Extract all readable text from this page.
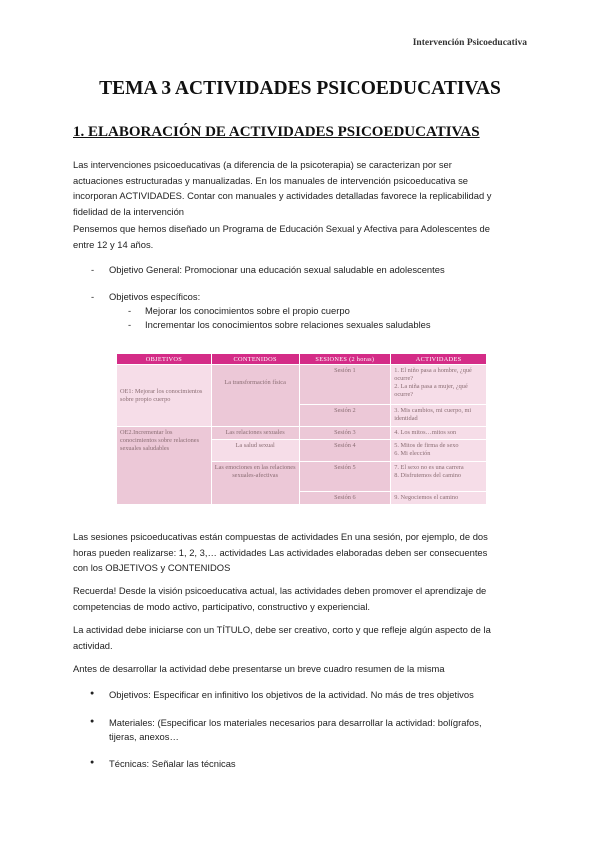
Intervención Psicoeducativa
TEMA 3 ACTIVIDADES PSICOEDUCATIVAS
1. ELABORACIÓN DE ACTIVIDADES PSICOEDUCATIVAS
Las intervenciones psicoeducativas (a diferencia de la psicoterapia) se caracterizan por ser
actuaciones estructuradas y manualizadas. En los manuales de intervención psicoeducativa se
incorporan ACTIVIDADES. Contar con manuales y actividades detalladas favorece la replicabilidad y
fidelidad de la intervención
Pensemos que hemos diseñado un Programa de Educación Sexual y Afectiva para Adolescentes de
entre 12 y 14 años.
- Objetivo General: Promocionar una educación sexual saludable en adolescentes
- Objetivos específicos:
- Mejorar los conocimientos sobre el propio cuerpo
- Incrementar los conocimientos sobre relaciones sexuales saludables
OBJETIVOS	CONTENIDOS	SESIONES (2 horas)	ACTIVIDADES
OE1: Mejorar los conocimientos sobre propio cuerpo	La transformación física	Sesión 1	1. El niño pasa a hombre, ¿qué ocurre?
2. La niña pasa a mujer, ¿qué ocurre?

		Sesión 2	3. Mis cambios, mi cuerpo, mi identidad
OE2.Incrementar los conocimientos sobre relaciones sexuales saludables	Las relaciones sexuales	Sesión 3	4. Los mitos…mitos son
	La salud sexual	Sesión 4	5. Mitos de firma de sexo
6. Mi elección

	Las emociones en las relaciones sexuales-afectivas	Sesión 5	7. El sexo no es una carrera
8. Disfrutemos del camino

		Sesión 6	9. Negociemos el camino
Las sesiones psicoeducativas están compuestas de actividades En una sesión, por ejemplo, de dos
horas pueden realizarse: 1, 2, 3,… actividades Las actividades elaboradas deben ser consecuentes
con los OBJETIVOS y CONTENIDOS
Recuerda! Desde la visión psicoeducativa actual, las actividades deben promover el aprendizaje de
competencias de modo activo, participativo, constructivo y experiencial.
La actividad debe iniciarse con un TÍTULO, debe ser creativo, corto y que refleje algún aspecto de la
actividad.
Antes de desarrollar la actividad debe presentarse un breve cuadro resumen de la misma
● Objetivos: Especificar en infinitivo los objetivos de la actividad. No más de tres objetivos
● Materiales: (Especificar los materiales necesarios para desarrollar la actividad: bolígrafos,
tijeras, anexos…
● Técnicas: Señalar las técnicas
